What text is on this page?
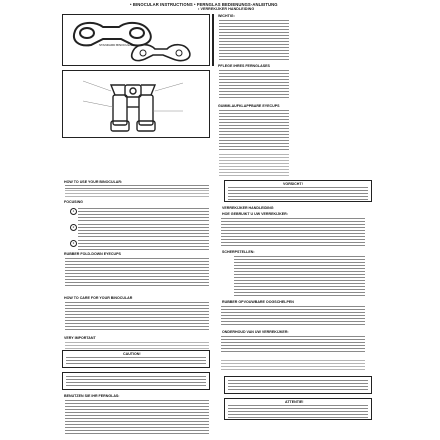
• BINOCULAR INSTRUCTIONS • FERNGLAS BEDIENUNGS-ANLEITUNG
• VERREKIJKER HANDLEIDING
STANDARD BINOCULAR
HOW TO USE YOUR BINOCULAR:
FOCUSING
1
2
3
RUBBER FOLD-DOWN EYECUPS
HOW TO CARE FOR YOUR BINOCULAR
VERY IMPORTANT
CAUTION!
BENUTZEN SIE IHR FERNGLAS:
WICHTIG:
PFLEGE IHRES FERNGLASES
GUMMI-AUFKLAPPBARE EYECUPS
VORSICHT!
VERREKIJKER HANDLEIDING
HOE GEBRUIKT U UW VERREKIJKER:
SCHERPSTELLEN:
RUBBER OPVOUWBARE OOGSCHELPEN
ONDERHOUD VAN UW VERREKIJKER:
ATTENTIE!
